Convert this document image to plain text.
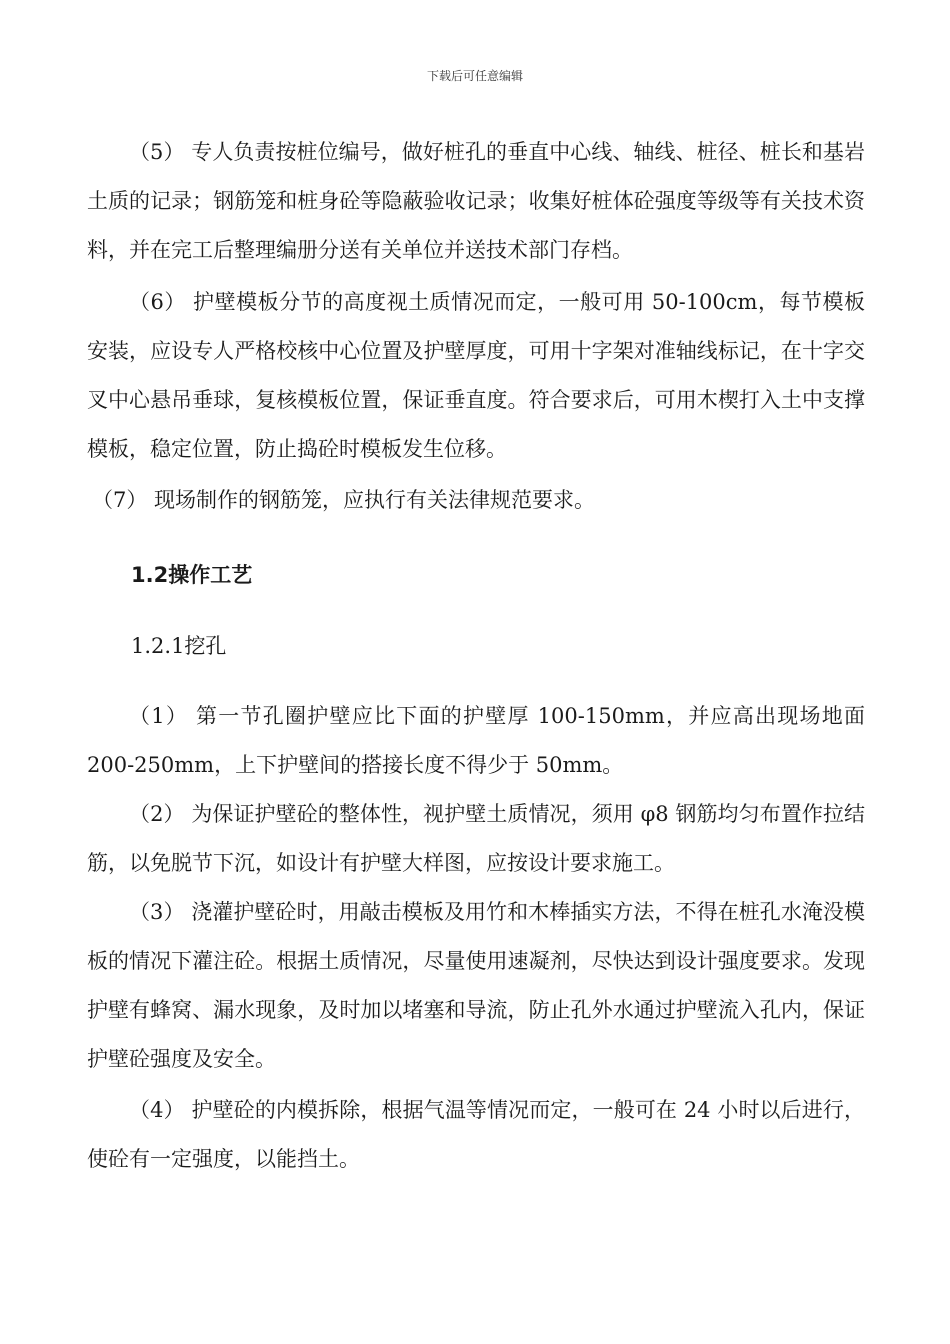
下载后可任意编辑

（5） 专人负责按桩位编号，做好桩孔的垂直中心线、轴线、桩径、桩长和基岩土质的记录；钢筋笼和桩身砼等隐蔽验收记录；收集好桩体砼强度等级等有关技术资料，并在完工后整理编册分送有关单位并送技术部门存档。

（6） 护壁模板分节的高度视土质情况而定，一般可用 50-100cm，每节模板安装，应设专人严格校核中心位置及护壁厚度，可用十字架对准轴线标记，在十字交叉中心悬吊垂球，复核模板位置，保证垂直度。符合要求后，可用木楔打入土中支撑模板，稳定位置，防止捣砼时模板发生位移。

（7） 现场制作的钢筋笼，应执行有关法律规范要求。

1.2操作工艺
1.2.1挖孔

（1） 第一节孔圈护壁应比下面的护壁厚 100-150mm，并应高出现场地面 200-250mm，上下护壁间的搭接长度不得少于 50mm。

（2） 为保证护壁砼的整体性，视护壁土质情况，须用 φ8 钢筋均匀布置作拉结筋，以免脱节下沉，如设计有护壁大样图，应按设计要求施工。

（3） 浇灌护壁砼时，用敲击模板及用竹和木棒插实方法，不得在桩孔水淹没模板的情况下灌注砼。根据土质情况，尽量使用速凝剂，尽快达到设计强度要求。发现护壁有蜂窝、漏水现象，及时加以堵塞和导流，防止孔外水通过护壁流入孔内，保证护壁砼强度及安全。

（4） 护壁砼的内模拆除，根据气温等情况而定，一般可在 24 小时以后进行，使砼有一定强度，以能挡土。
